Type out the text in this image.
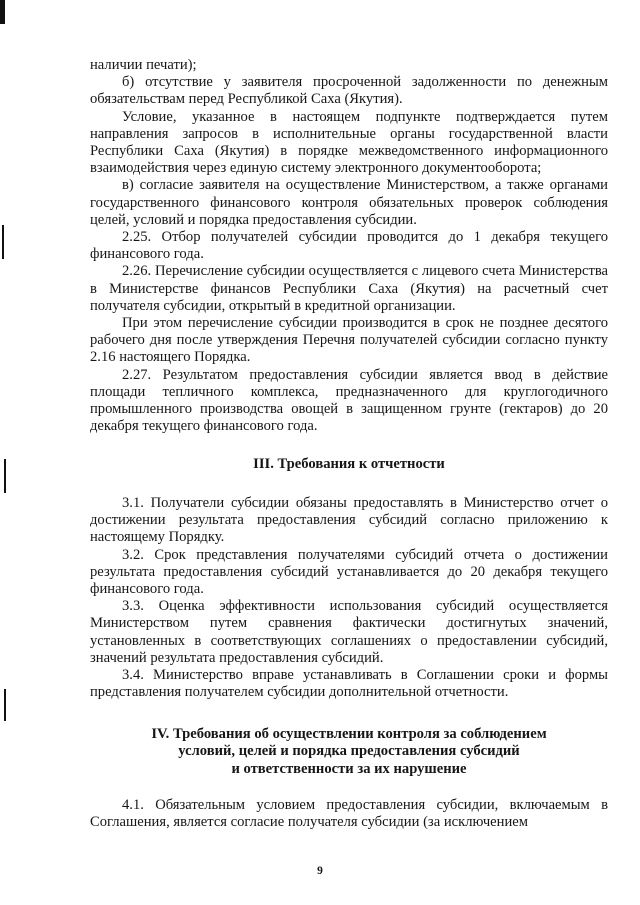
наличии печати);

б) отсутствие у заявителя просроченной задолженности по денежным обязательствам перед Республикой Саха (Якутия).

Условие, указанное в настоящем подпункте подтверждается путем направления запросов в исполнительные органы государственной власти Республики Саха (Якутия) в порядке межведомственного информационного взаимодействия через единую систему электронного документооборота;

в) согласие заявителя на осуществление Министерством, а также органами государственного финансового контроля обязательных проверок соблюдения целей, условий и порядка предоставления субсидии.

2.25. Отбор получателей субсидии проводится до 1 декабря текущего финансового года.

2.26. Перечисление субсидии осуществляется с лицевого счета Министерства в Министерстве финансов Республики Саха (Якутия) на расчетный счет получателя субсидии, открытый в кредитной организации.

При этом перечисление субсидии производится в срок не позднее десятого рабочего дня после утверждения Перечня получателей субсидии согласно пункту 2.16 настоящего Порядка.

2.27. Результатом предоставления субсидии является ввод в действие площади тепличного комплекса, предназначенного для круглогодичного промышленного производства овощей в защищенном грунте (гектаров) до 20 декабря текущего финансового года.

III. Требования к отчетности

3.1. Получатели субсидии обязаны предоставлять в Министерство отчет о достижении результата предоставления субсидий согласно приложению к настоящему Порядку.

3.2. Срок представления получателями субсидий отчета о достижении результата предоставления субсидий устанавливается до 20 декабря текущего финансового года.

3.3. Оценка эффективности использования субсидий осуществляется Министерством путем сравнения фактически достигнутых значений, установленных в соответствующих соглашениях о предоставлении субсидий, значений результата предоставления субсидий.

3.4. Министерство вправе устанавливать в Соглашении сроки и формы представления получателем субсидии дополнительной отчетности.

IV. Требования об осуществлении контроля за соблюдением
условий, целей и порядка предоставления субсидий
и ответственности за их нарушение

4.1. Обязательным условием предоставления субсидии, включаемым в Соглашения, является согласие получателя субсидии (за исключением

9
